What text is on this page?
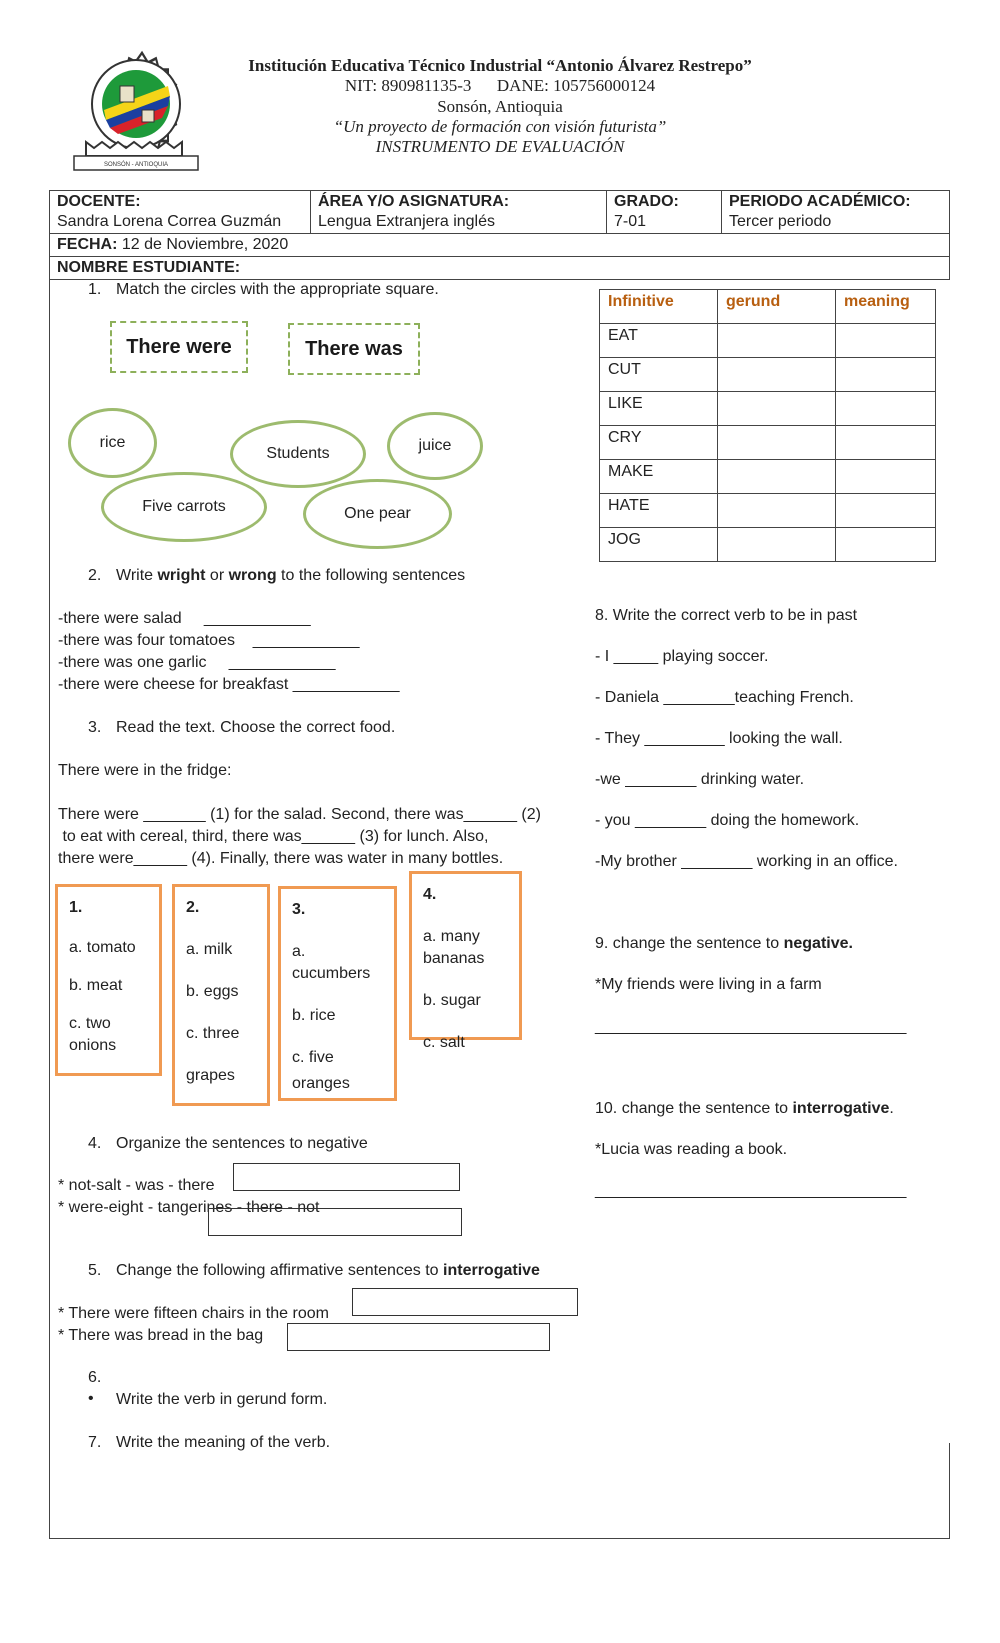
SONSÓN - ANTIOQUIA
Institución Educativa Técnico Industrial “Antonio Álvarez Restrepo”
NIT: 890981135-3      DANE: 105756000124
Sonsón, Antioquia
“Un proyecto de formación con visión futurista”
INSTRUMENTO DE EVALUACIÓN
DOCENTE:
Sandra Lorena Correa Guzmán

ÁREA Y/O ASIGNATURA:
Lengua Extranjera inglés

GRADO:
7-01

PERIODO ACADÉMICO:
Tercer periodo

FECHA: 12 de Noviembre, 2020
NOMBRE ESTUDIANTE:
1. Match the circles with the appropriate square.
There were	There was
rice
Students	juice
Five carrots	One pear
Infinitive	gerund	meaning
EAT		
CUT		
LIKE		
CRY		
MAKE		
HATE		
JOG		
2. Write wright or wrong to the following sentences
-there were salad     ____________
-there was four tomatoes    ____________
-there was one garlic     ____________
-there were cheese for breakfast ____________
3. Read the text. Choose the correct food.
There were in the fridge:
There were _______ (1) for the salad. Second, there was______ (2)
to eat with cereal, third, there was______ (3) for lunch. Also,
there were______ (4). Finally, there was water in many bottles.

1.

a. tomato

b. meat

c. two

onions

2.

a. milk

b. eggs

c. three

grapes

3.

a.

cucumbers

b. rice

c. five

oranges

4.

a. many

bananas

b. sugar

c. salt

4. Organize the sentences to negative
* not-salt - was - there
* were-eight - tangerines - there - not
5. Change the following affirmative sentences to interrogative
* There were fifteen chairs in the room
* There was bread in the bag
6.
• Write the verb in gerund form.
7. Write the meaning of the verb.
8. Write the correct verb to be in past
- I _____ playing soccer.
- Daniela ________teaching French.
- They _________ looking the wall.
-we ________ drinking water.
- you ________ doing the homework.
-My brother ________ working in an office.
9. change the sentence to negative.
*My friends were living in a farm
___________________________________
10. change the sentence to interrogative.
*Lucia was reading a book.
___________________________________
